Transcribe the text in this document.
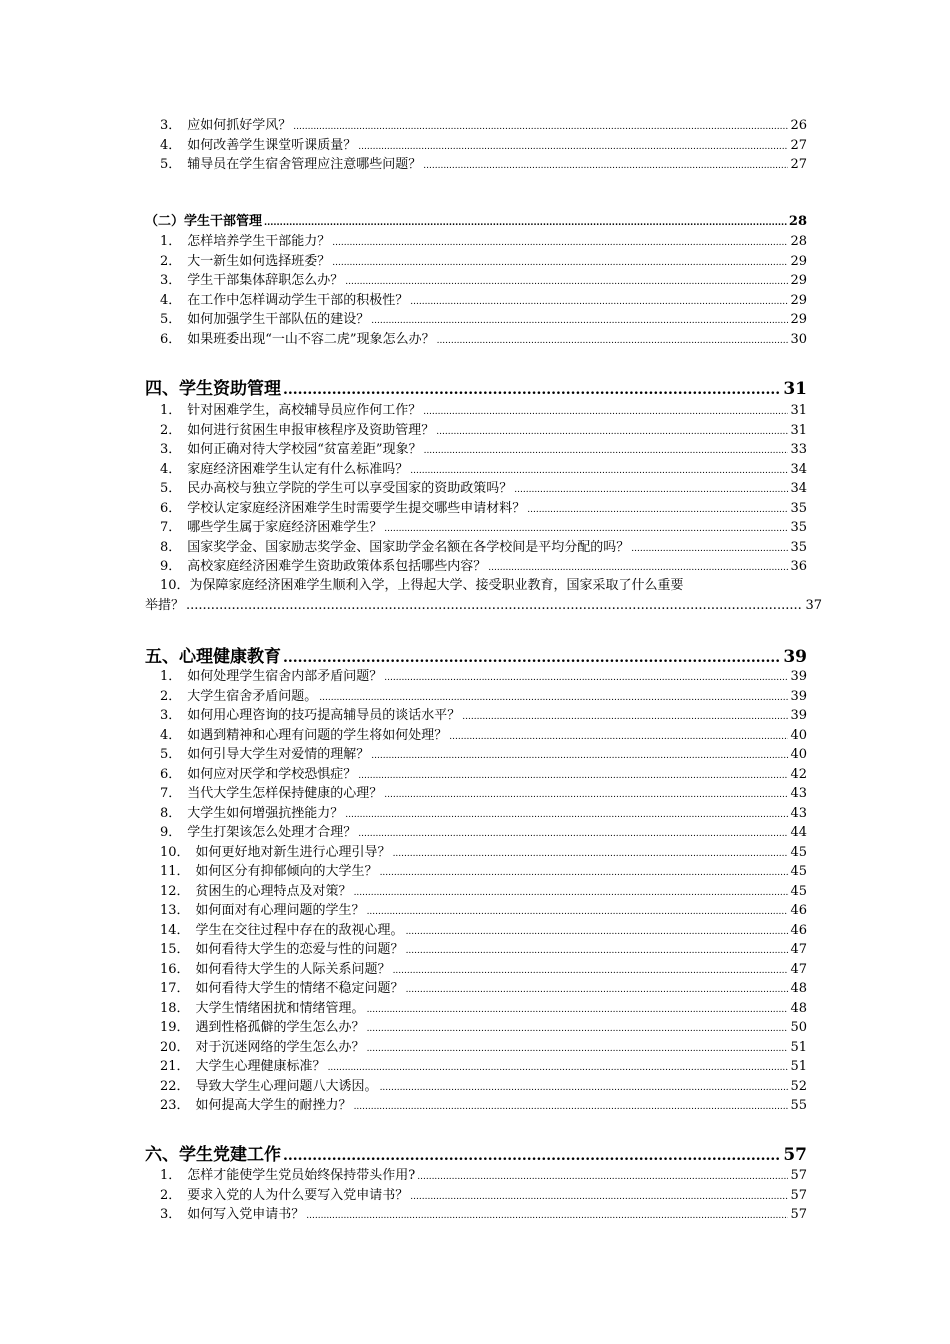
3． 应如何抓好学风？ .....	26
4． 如何改善学生课堂听课质量？ .....	27
5． 辅导员在学生宿舍管理应注意哪些问题？ .....	27
（二）学生干部管理 .....	28
1． 怎样培养学生干部能力？ .....	28
2． 大一新生如何选择班委？ .....	29
3． 学生干部集体辞职怎么办？ .....	29
4． 在工作中怎样调动学生干部的积极性？ .....	29
5． 如何加强学生干部队伍的建设？ .....	29
6． 如果班委出现“一山不容二虎”现象怎么办？ .....	30
四、学生资助管理 .....	31
1． 针对困难学生，高校辅导员应作何工作？ .....	31
2． 如何进行贫困生申报审核程序及资助管理？ .....	31
3． 如何正确对待大学校园“贫富差距”现象？ .....	33
4． 家庭经济困难学生认定有什么标准吗？ .....	34
5． 民办高校与独立学院的学生可以享受国家的资助政策吗？ .....	34
6． 学校认定家庭经济困难学生时需要学生提交哪些申请材料？ .....	35
7． 哪些学生属于家庭经济困难学生？ .....	35
8． 国家奖学金、国家励志奖学金、国家助学金名额在各学校间是平均分配的吗？ .....	35
9． 高校家庭经济困难学生资助政策体系包括哪些内容？ .....	36
10．为保障家庭经济困难学生顺利入学，上得起大学、接受职业教育，国家采取了什么重要
举措？ .....	37
五、心理健康教育 .....	39
1． 如何处理学生宿舍内部矛盾问题？ .....	39
2． 大学生宿舍矛盾问题。 .....	39
3． 如何用心理咨询的技巧提高辅导员的谈话水平？ .....	39
4． 如遇到精神和心理有问题的学生将如何处理？ .....	40
5． 如何引导大学生对爱情的理解？ .....	40
6． 如何应对厌学和学校恐惧症？ .....	42
7． 当代大学生怎样保持健康的心理？ .....	43
8． 大学生如何增强抗挫能力？ .....	43
9． 学生打架该怎么处理才合理？ .....	44
10． 如何更好地对新生进行心理引导？ .....	45
11． 如何区分有抑郁倾向的大学生？ .....	45
12． 贫困生的心理特点及对策？ .....	45
13． 如何面对有心理问题的学生？ .....	46
14． 学生在交往过程中存在的敌视心理。 .....	46
15． 如何看待大学生的恋爱与性的问题？ .....	47
16． 如何看待大学生的人际关系问题？ .....	47
17． 如何看待大学生的情绪不稳定问题？ .....	48
18． 大学生情绪困扰和情绪管理。 .....	48
19． 遇到性格孤僻的学生怎么办？ .....	50
20． 对于沉迷网络的学生怎么办？ .....	51
21． 大学生心理健康标准？ .....	51
22． 导致大学生心理问题八大诱因。 .....	52
23． 如何提高大学生的耐挫力？ .....	55
六、学生党建工作 .....	57
1． 怎样才能使学生党员始终保持带头作用? .....	57
2． 要求入党的人为什么要写入党申请书？ .....	57
3． 如何写入党申请书？ .....	57
